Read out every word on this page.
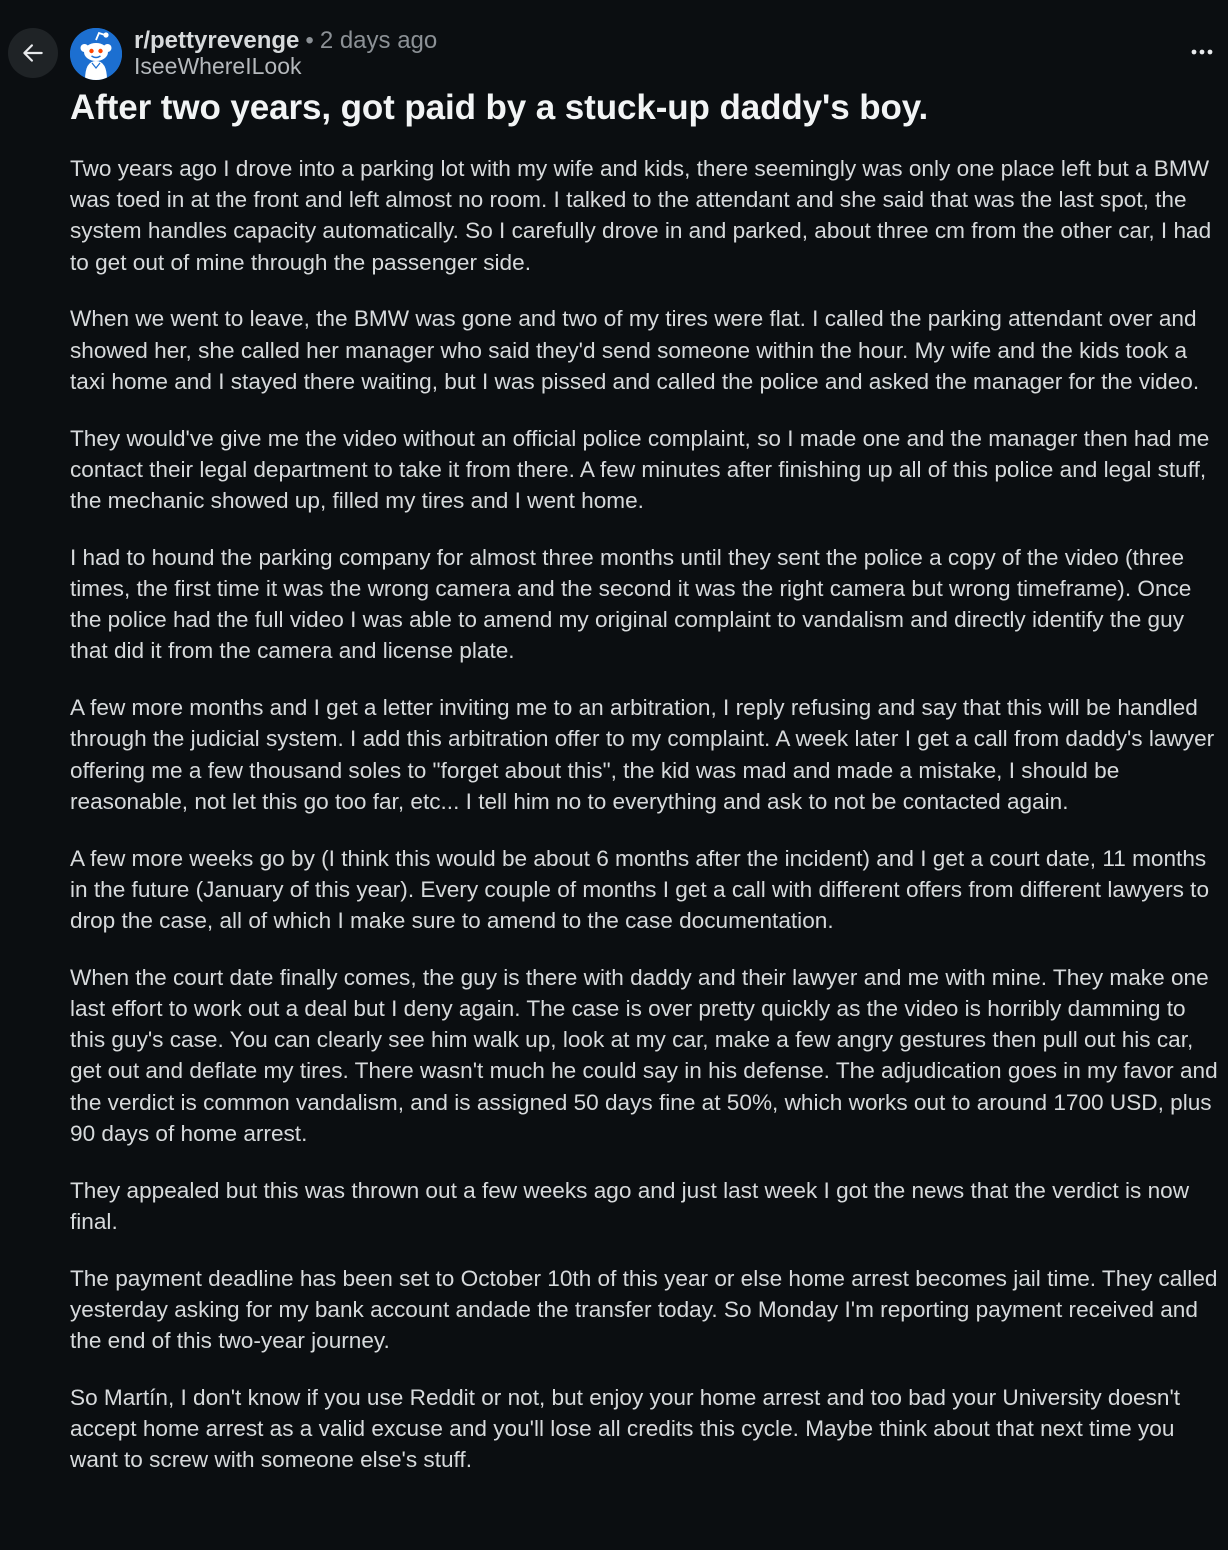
r/pettyrevenge • 2 days ago
IseeWhereILook
After two years, got paid by a stuck-up daddy's boy.

Two years ago I drove into a parking lot with my wife and kids, there seemingly was only one place left but a BMW was toed in at the front and left almost no room. I talked to the attendant and she said that was the last spot, the system handles capacity automatically. So I carefully drove in and parked, about three cm from the other car, I had to get out of mine through the passenger side.

When we went to leave, the BMW was gone and two of my tires were flat. I called the parking attendant over and showed her, she called her manager who said they'd send someone within the hour. My wife and the kids took a taxi home and I stayed there waiting, but I was pissed and called the police and asked the manager for the video.

They would've give me the video without an official police complaint, so I made one and the manager then had me contact their legal department to take it from there. A few minutes after finishing up all of this police and legal stuff, the mechanic showed up, filled my tires and I went home.

I had to hound the parking company for almost three months until they sent the police a copy of the video (three times, the first time it was the wrong camera and the second it was the right camera but wrong timeframe). Once the police had the full video I was able to amend my original complaint to vandalism and directly identify the guy that did it from the camera and license plate.

A few more months and I get a letter inviting me to an arbitration, I reply refusing and say that this will be handled through the judicial system. I add this arbitration offer to my complaint. A week later I get a call from daddy's lawyer offering me a few thousand soles to "forget about this", the kid was mad and made a mistake, I should be reasonable, not let this go too far, etc... I tell him no to everything and ask to not be contacted again.

A few more weeks go by (I think this would be about 6 months after the incident) and I get a court date, 11 months in the future (January of this year). Every couple of months I get a call with different offers from different lawyers to drop the case, all of which I make sure to amend to the case documentation.

When the court date finally comes, the guy is there with daddy and their lawyer and me with mine. They make one last effort to work out a deal but I deny again. The case is over pretty quickly as the video is horribly damming to this guy's case. You can clearly see him walk up, look at my car, make a few angry gestures then pull out his car, get out and deflate my tires. There wasn't much he could say in his defense. The adjudication goes in my favor and the verdict is common vandalism, and is assigned 50 days fine at 50%, which works out to around 1700 USD, plus 90 days of home arrest.

They appealed but this was thrown out a few weeks ago and just last week I got the news that the verdict is now final.

The payment deadline has been set to October 10th of this year or else home arrest becomes jail time. They called yesterday asking for my bank account andade the transfer today. So Monday I'm reporting payment received and the end of this two-year journey.

So Martín, I don't know if you use Reddit or not, but enjoy your home arrest and too bad your University doesn't accept home arrest as a valid excuse and you'll lose all credits this cycle. Maybe think about that next time you want to screw with someone else's stuff.
